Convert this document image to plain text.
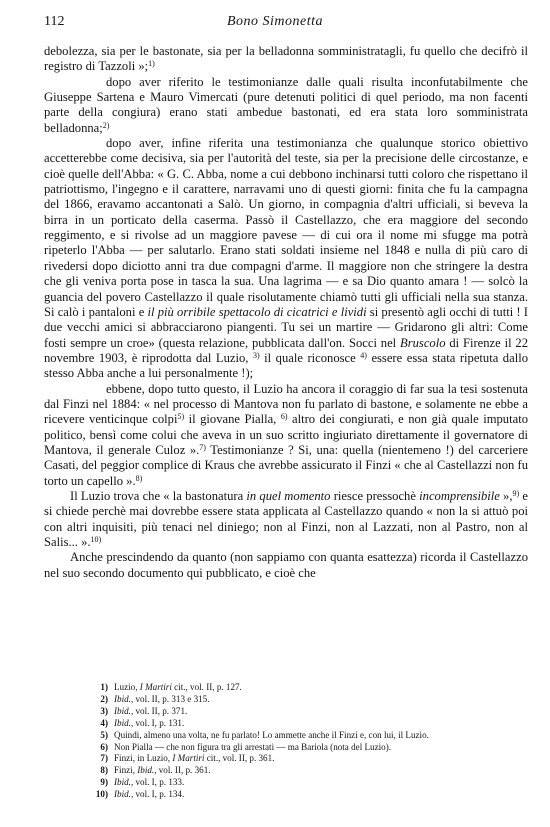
112	Bono Simonetta

debolezza, sia per le bastonate, sia per la belladonna somministratagli, fu quello che decifrò il registro di Tazzoli »;$^{1)}$

dopo aver riferito le testimonianze dalle quali risulta inconfutabilmente che Giuseppe Sartena e Mauro Vimercati (pure detenuti politici di quel periodo, ma non facenti parte della congiura) erano stati ambedue bastonati, ed era stata loro somministrata belladonna;$^{2)}$

dopo aver, infine riferita una testimonianza che qualunque storico obiettivo accetterebbe come decisiva, sia per l'autorità del teste, sia per la precisione delle circostanze, e cioè quelle dell'Abba: « G. C. Abba, nome a cui debbono inchinarsi tutti coloro che rispettano il patriottismo, l'ingegno e il carattere, narravami uno di questi giorni: finita che fu la campagna del 1866, eravamo accantonati a Salò. Un giorno, in compagnia d'altri ufficiali, si beveva la birra in un porticato della caserma. Passò il Castellazzo, che era maggiore del secondo reggimento, e si rivolse ad un maggiore pavese — di cui ora il nome mi sfugge ma potrà ripeterlo l'Abba — per salutarlo. Erano stati soldati insieme nel 1848 e nulla di più caro di rivedersi dopo diciotto anni tra due compagni d'arme. Il maggiore non che stringere la destra che gli veniva porta pose in tasca la sua. Una lagrima — e sa Dio quanto amara ! — solcò la guancia del povero Castellazzo il quale risolutamente chiamò tutti gli ufficiali nella sua stanza. Si calò i pantaloni e il più orribile spettacolo di cicatrici e lividi si presentò agli occhi di tutti ! I due vecchi amici si abbracciarono piangenti. Tu sei un martire — Gridarono gli altri: Come fosti sempre un croe» (questa relazione, pubblicata dall'on. Socci nel Bruscolo di Firenze il 22 novembre 1903, è riprodotta dal Luzio, $^{3)}$ il quale riconosce $^{4)}$ essere essa stata ripetuta dallo stesso Abba anche a lui personalmente !);

ebbene, dopo tutto questo, il Luzio ha ancora il coraggio di far sua la tesi sostenuta dal Finzi nel 1884: « nel processo di Mantova non fu parlato di bastone, e solamente ne ebbe a ricevere venticinque colpi$^{5)}$ il giovane Pialla, $^{6)}$ altro dei congiurati, e non già quale imputato politico, bensì come colui che aveva in un suo scritto ingiuriato direttamente il governatore di Mantova, il generale Culoz ».$^{7)}$ Testimonianze ? Si, una: quella (nientemeno !) del carceriere Casati, del peggior complice di Kraus che avrebbe assicurato il Finzi « che al Castellazzi non fu torto un capello ».$^{8)}$

Il Luzio trova che « la bastonatura in quel momento riesce pressochè incomprensibile »,$^{9)}$ e si chiede perchè mai dovrebbe essere stata applicata al Castellazzo quando « non la si attuò poi con altri inquisiti, più tenaci nel diniego; non al Finzi, non al Lazzati, non al Pastro, non al Salis... ».$^{10)}$

Anche prescindendo da quanto (non sappiamo con quanta esattezza) ricorda il Castellazzo nel suo secondo documento qui pubblicato, e cioè che

1) Luzio, I Martiri cit., vol. II, p. 127.
2) Ibid., vol. II, p. 313 e 315.
3) Ibid., vol. II, p. 371.
4) Ibid., vol. I, p. 131.
5) Quindi, almeno una volta, ne fu parlato! Lo ammette anche il Finzi e, con lui, il Luzio.
6) Non Pialla — che non figura tra gli arrestati — ma Bariola (nota del Luzio).
7) Finzi, in Luzio, I Martiri cit., vol. II, p. 361.
8) Finzi, Ibid., vol. II, p. 361.
9) Ibid., vol. I, p. 133.
10) Ibid., vol. I, p. 134.
